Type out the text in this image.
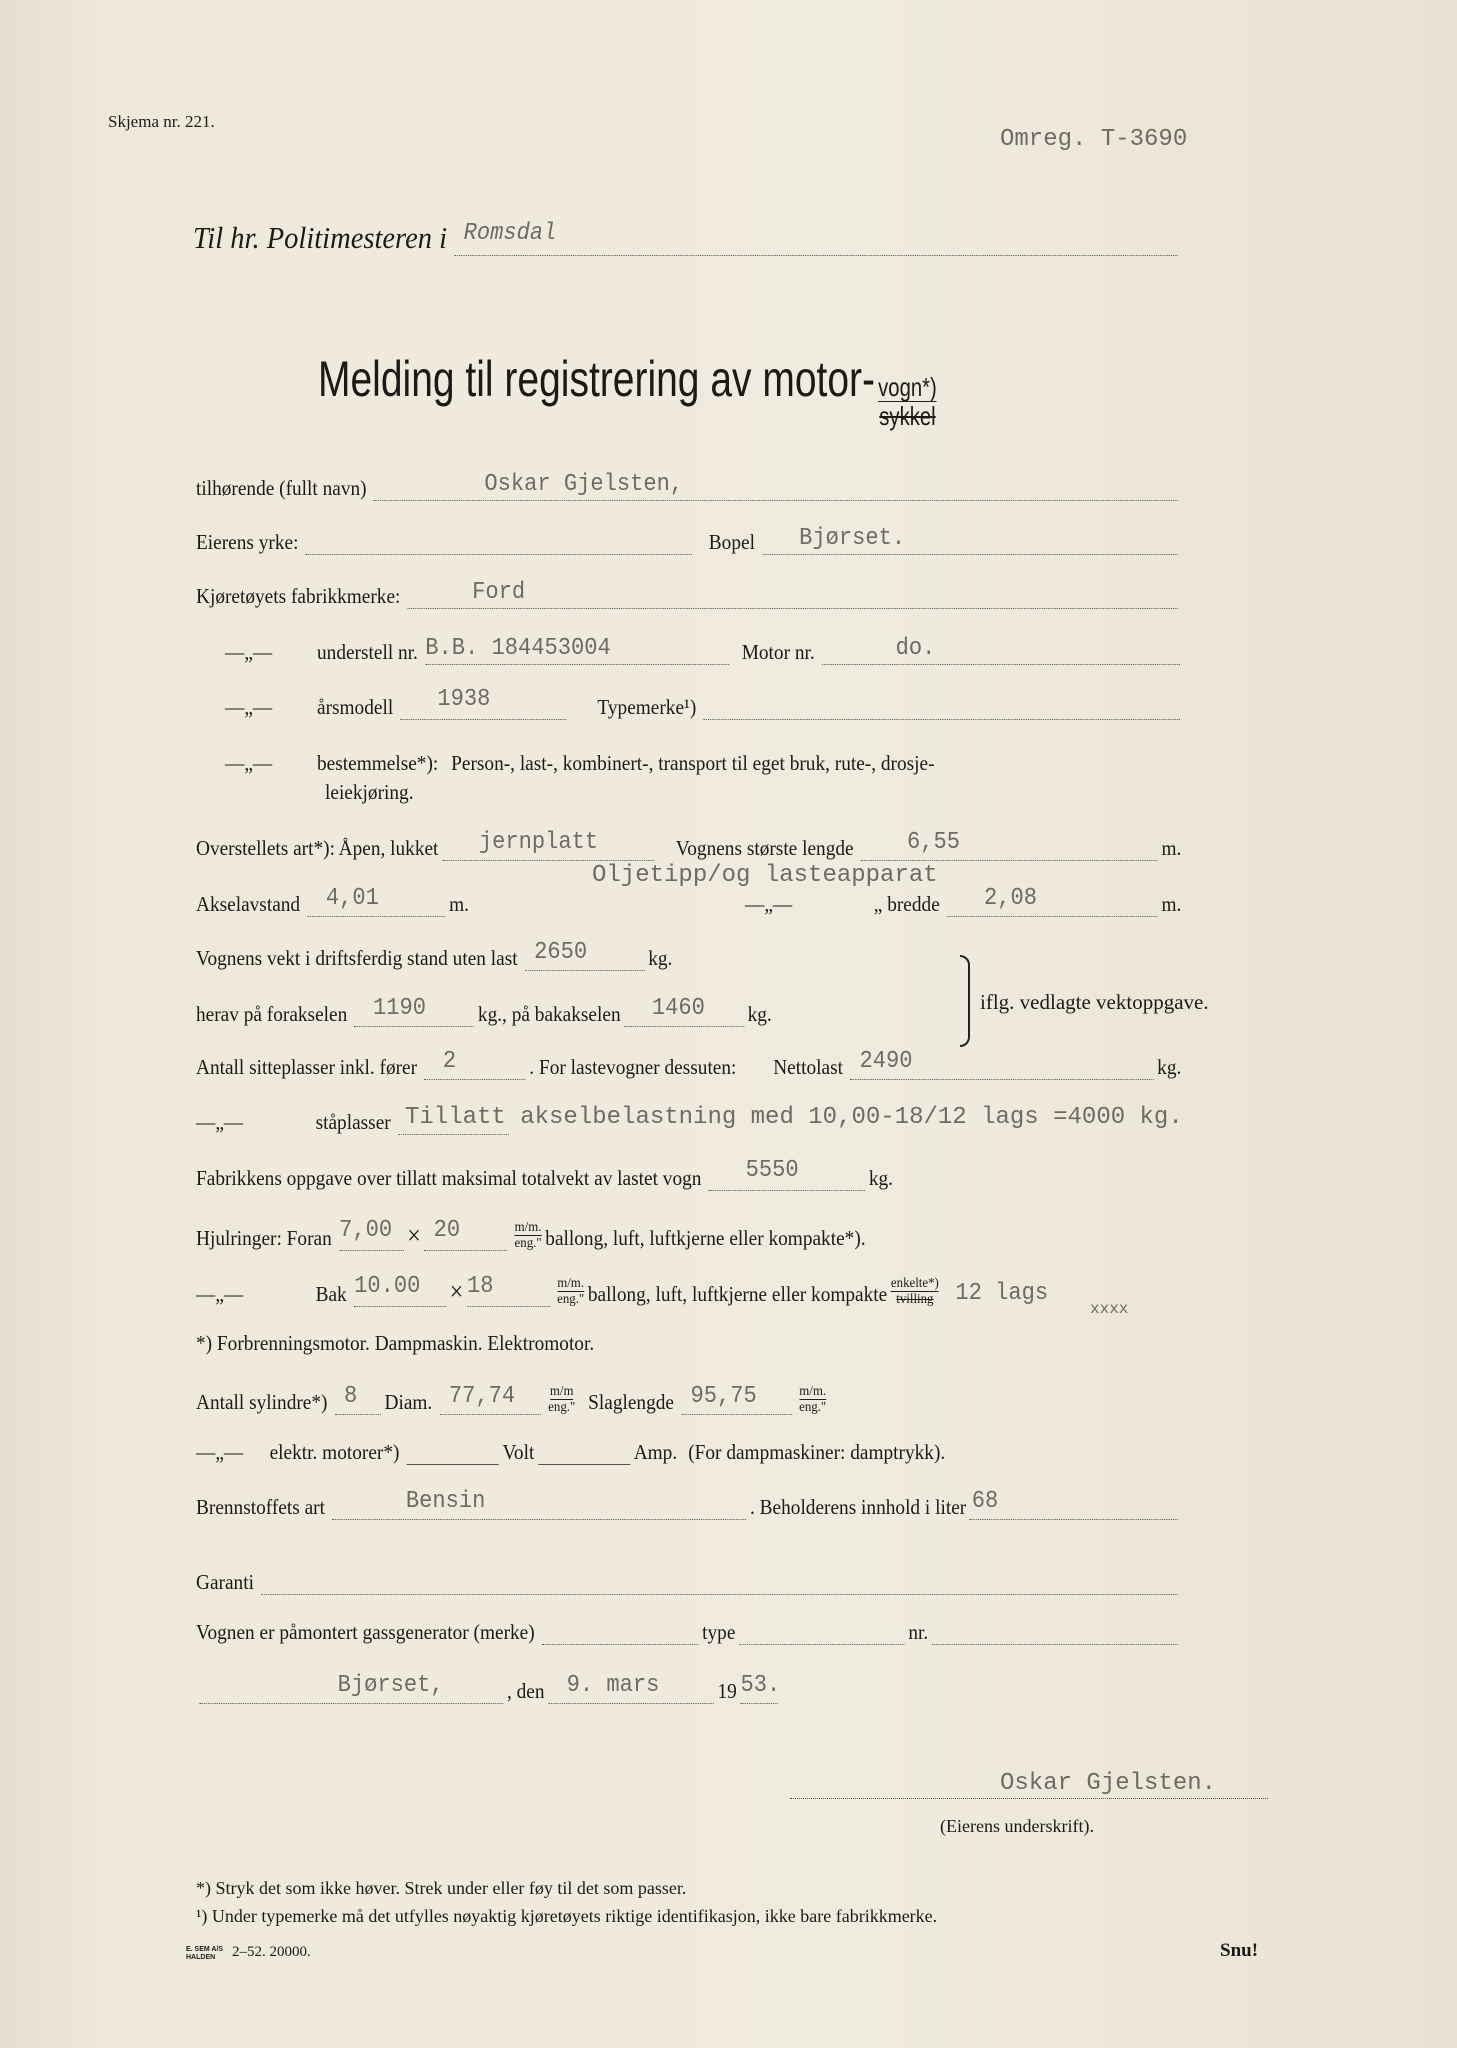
Skjema nr. 221.
Omreg. T-3690
Til hr. Politimesteren i Romsdal
Melding til registrering av motor- $\frac{\text{vogn*)}}{\text{sykkel}}$
tilhørende (fullt navn)	Oskar Gjelsten,
Eierens yrke:	Bopel Bjørset.
Kjøretøyets fabrikkmerke:	Ford
—„—	understell nr. B.B. 184453004	Motor nr.	do.
—„—	årsmodell 1938	Typemerke¹)
—„—	bestemmelse*): Person-, last-, kombinert-, transport til eget bruk, rute-, drosje-
leiekjøring.
Overstellets art*): Åpen, lukket jernplatt	Vognens største lengde 6,55	m.
Oljetipp/og lasteapparat
Akselavstand 4,01	m.	—„—	„ bredde 2,08	m.
Vognens vekt i driftsferdig stand uten last 2650	kg.
herav på forakselen 1190 kg., på bakakselen 1460 kg.	iflg. vedlagte vektoppgave.
Antall sitteplasser inkl. fører 2	. For lastevogner dessuten: Nettolast 2490	kg.
—„—	ståplasser Tillatt akselbelastning med 10,00-18/12 lags =4000 kg.
Fabrikkens oppgave over tillatt maksimal totalvekt av lastet vogn 5550	kg.
Hjulringer: Foran 7,00 × 20	$\frac{m/m.}{\text{eng."}}$ ballong, luft, luftkjerne eller kompakte*).
—„—	Bak 10.00 × 18	$\frac{m/m.}{\text{eng."}}$ ballong, luft, luftkjerne eller kompakte $\frac{\text{enkelte*)}}{\text{tvilling}} 12$ lags
xxxx
*) Forbrenningsmotor. Dampmaskin. Elektromotor.
Antall sylindre*) 8 Diam. $77,74 \frac{m/m}{\text{eng."}}$ Slaglengde 95,75	$\frac{m/m.}{\text{eng."}}$
—„—	elektr. motorer*)	Volt	Amp. (For dampmaskiner: damptrykk).
Brennstoffets art	Bensin	. Beholderens innhold i liter 68
Garanti
Vognen er påmontert gassgenerator (merke)	type	nr.
Bjørset,	, den 9. mars	19 53.
Oskar Gjelsten.
(Eierens underskrift).
*) Stryk det som ikke høver. Strek under eller føy til det som passer.
¹) Under typemerke må det utfylles nøyaktig kjøretøyets riktige identifikasjon, ikke bare fabrikkmerke.
E. SEM A/S HALDEN	2–52. 20000.	Snu!
